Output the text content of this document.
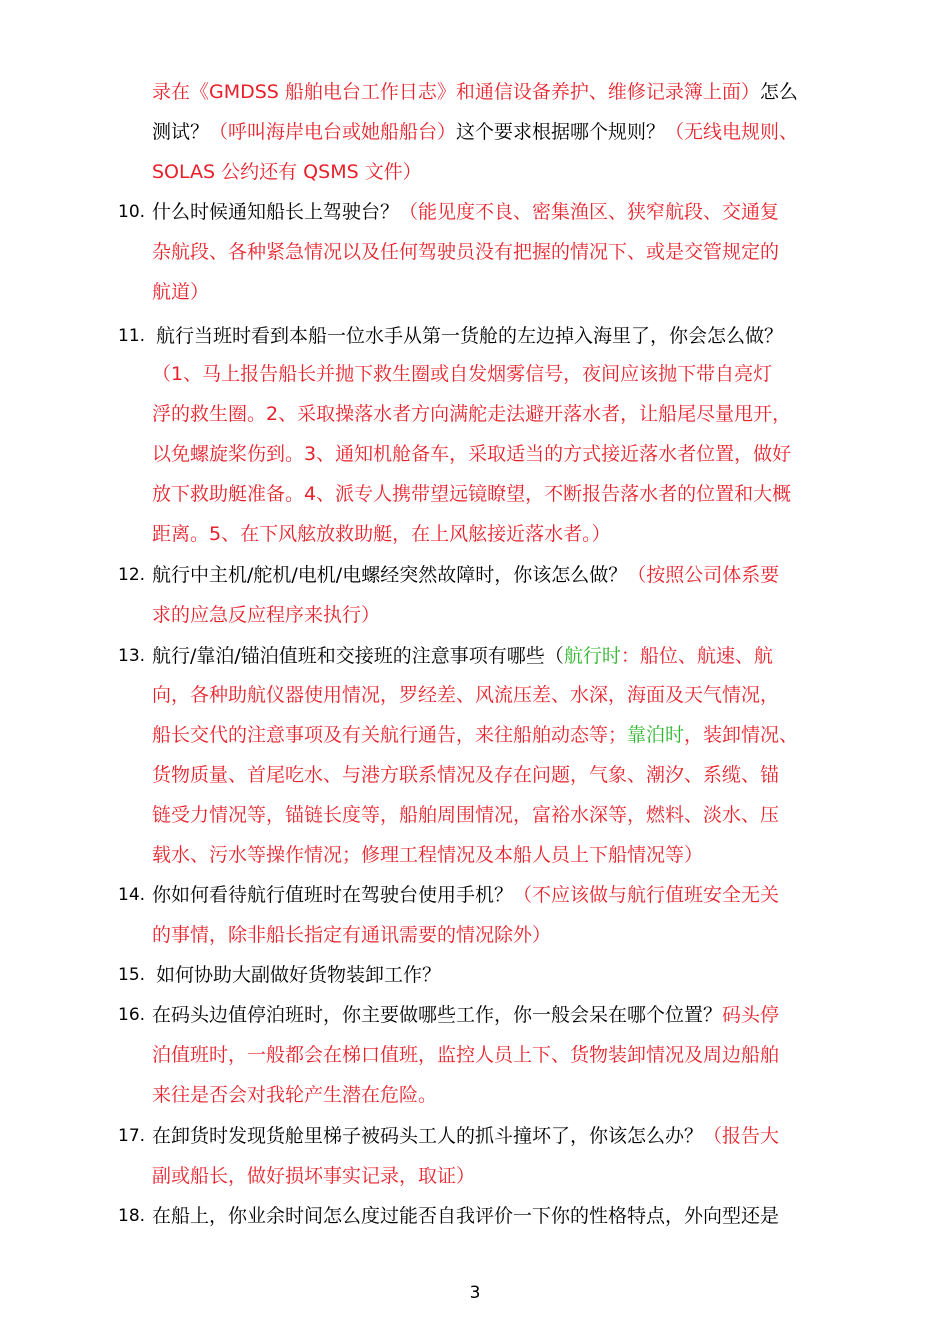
10.
11.
12.
13.
14.
15.
16.
17.
18.
录在《GMDSS 船舶电台工作日志》和通信设备养护、维修记录簿上面）怎么
测试？（呼叫海岸电台或她船船台）这个要求根据哪个规则？（无线电规则、
SOLAS 公约还有 QSMS 文件）
什么时候通知船长上驾驶台？（能见度不良、密集渔区、狭窄航段、交通复
杂航段、各种紧急情况以及任何驾驶员没有把握的情况下、或是交管规定的
航道）
航行当班时看到本船一位水手从第一货舱的左边掉入海里了，你会怎么做？
（1、马上报告船长并抛下救生圈或自发烟雾信号，夜间应该抛下带自亮灯
浮的救生圈。2、采取操落水者方向满舵走法避开落水者，让船尾尽量甩开，
以免螺旋桨伤到。3、通知机舱备车，采取适当的方式接近落水者位置，做好
放下救助艇准备。4、派专人携带望远镜瞭望，不断报告落水者的位置和大概
距离。5、在下风舷放救助艇，在上风舷接近落水者。）
航行中主机/舵机/电机/电螺经突然故障时，你该怎么做？（按照公司体系要
求的应急反应程序来执行）
航行/靠泊/锚泊值班和交接班的注意事项有哪些（航行时：船位、航速、航
向，各种助航仪器使用情况，罗经差、风流压差、水深，海面及天气情况，
船长交代的注意事项及有关航行通告，来往船舶动态等；靠泊时，装卸情况、
货物质量、首尾吃水、与港方联系情况及存在问题，气象、潮汐、系缆、锚
链受力情况等，锚链长度等，船舶周围情况，富裕水深等，燃料、淡水、压
载水、污水等操作情况；修理工程情况及本船人员上下船情况等）
你如何看待航行值班时在驾驶台使用手机？（不应该做与航行值班安全无关
的事情，除非船长指定有通讯需要的情况除外）
如何协助大副做好货物装卸工作？
在码头边值停泊班时，你主要做哪些工作，你一般会呆在哪个位置？码头停
泊值班时，一般都会在梯口值班，监控人员上下、货物装卸情况及周边船舶
来往是否会对我轮产生潜在危险。
在卸货时发现货舱里梯子被码头工人的抓斗撞坏了，你该怎么办？（报告大
副或船长，做好损坏事实记录，取证）
在船上，你业余时间怎么度过能否自我评价一下你的性格特点，外向型还是
3
